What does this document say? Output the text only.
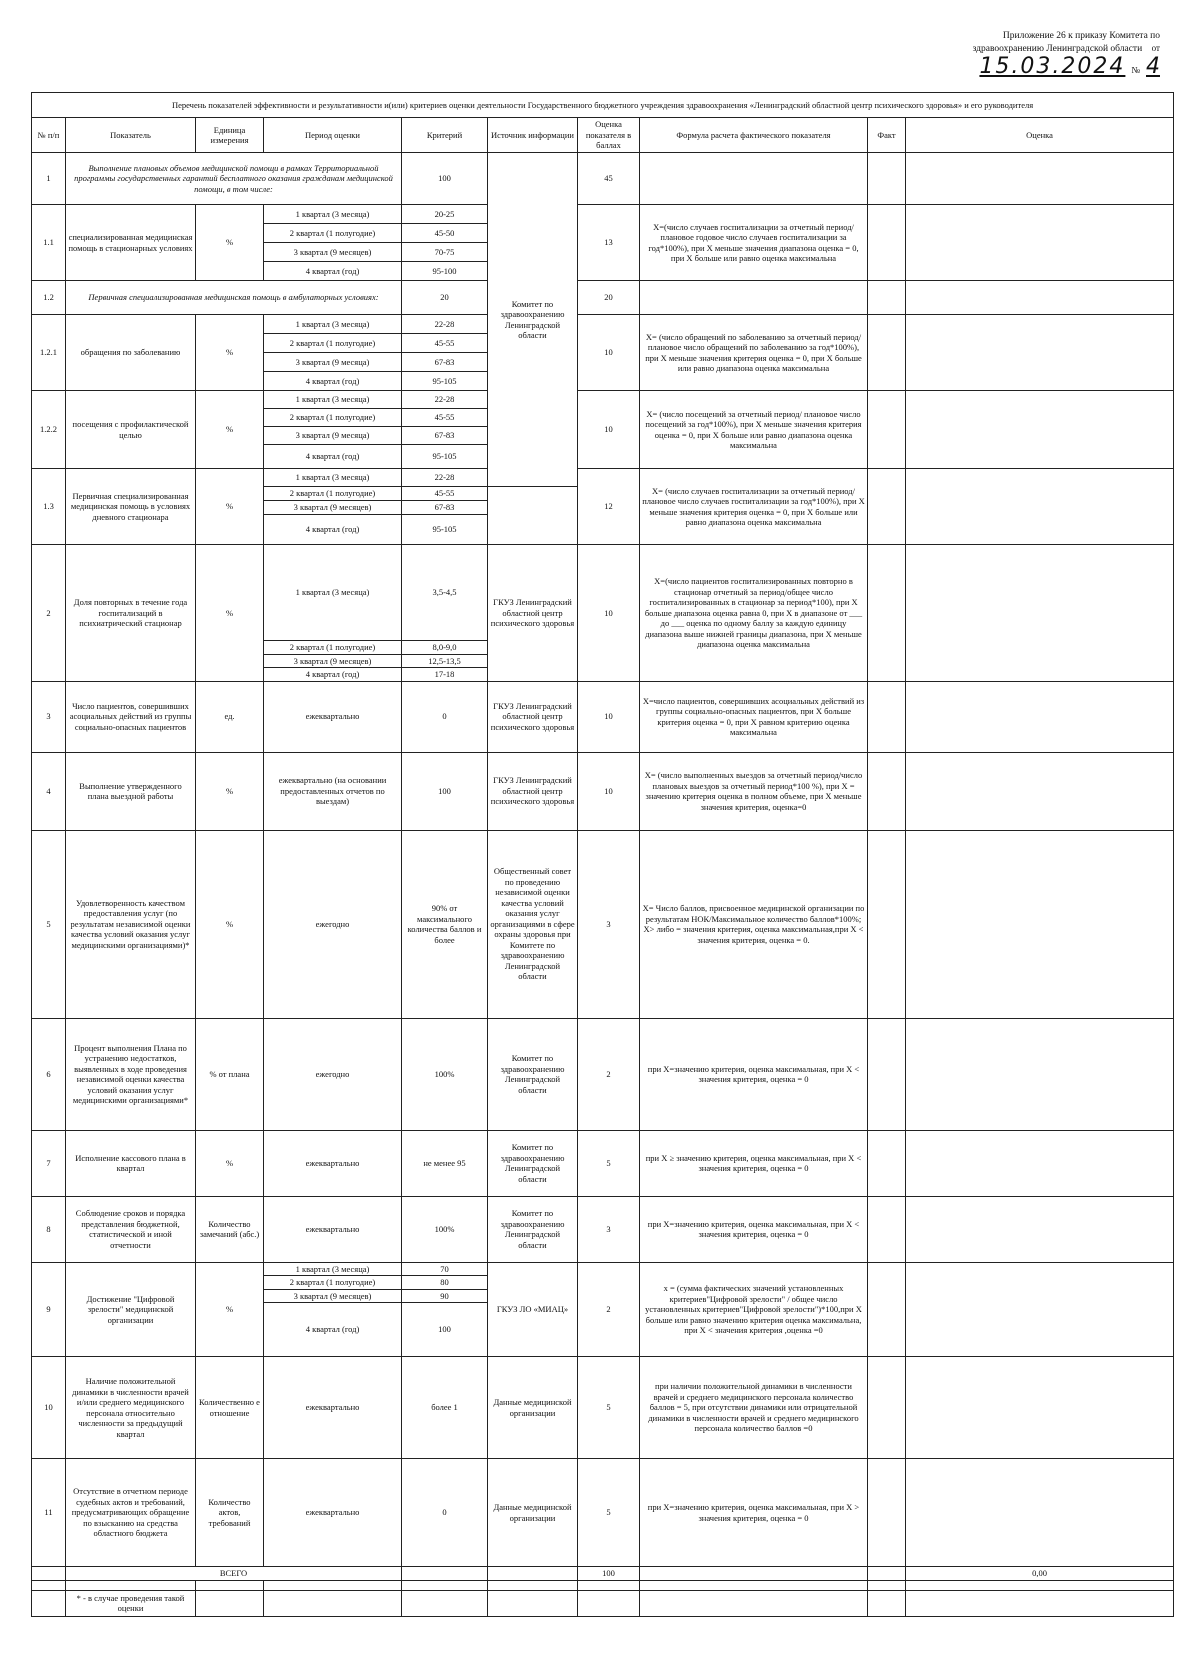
Приложение 26 к приказу Комитета по
здравоохранению Ленинградской области от
15.03.2024 № 4
Перечень показателей эффективности и результативности и(или) критериев оценки деятельности Государственного бюджетного учреждения здравоохранения «Ленинградский областной центр психического здоровья» и его руководителя									
№ п/п	Показатель	Единица измерения	Период оценки	Критерий	Источник информации	Оценка показателя в баллах	Формула расчета фактического показателя	Факт	Оценка
1	Выполнение плановых объемов медицинской помощи в рамках Территориальной программы государственных гарантий бесплатного оказания гражданам медицинской помощи, в том числе:			100	Комитет по здравоохранению Ленинградской области	45			
1.1	специализированная медицинская помощь в стационарных условиях	%	1 квартал (3 месяца)	20-25		13	X=(число случаев госпитализации за отчетный период/ плановое годовое число случаев госпитализации за год*100%), при X меньше значения диапазона оценка = 0, при X больше или равно оценка максимальна		
			2 квартал (1 полугодие)	45-50					
			3 квартал (9 месяцев)	70-75					
			4 квартал (год)	95-100					
1.2	Первичная специализированная медицинская помощь в амбулаторных условиях:			20		20			
1.2.1	обращения по заболеванию	%	1 квартал (3 месяца)	22-28		10	X= (число обращений по заболеванию за отчетный период/ плановое число обращений по заболеванию за год*100%), при X меньше значения критерия оценка = 0, при X больше или равно диапазона оценка максимальна		
			2 квартал (1 полугодие)	45-55					
			3 квартал (9 месяца)	67-83					
			4 квартал (год)	95-105					
1.2.2	посещения с профилактической целью	%	1 квартал (3 месяца)	22-28		10	X= (число посещений за отчетный период/ плановое число посещений за год*100%), при X меньше значения критерия оценка = 0, при X больше или равно диапазона оценка максимальна		
			2 квартал (1 полугодие)	45-55					
			3 квартал (9 месяца)	67-83					
			4 квартал (год)	95-105					
1.3	Первичная специализированная медицинская помощь в условиях дневного стационара	%	1 квартал (3 месяца)	22-28		12	X= (число случаев госпитализации за отчетный период/ плановое число случаев госпитализации за год*100%), при X меньше значения критерия оценка = 0, при X больше или равно диапазона оценка максимальна		
			2 квартал (1 полугодие)	45-55					
			3 квартал (9 месяцев)	67-83					
			4 квартал (год)	95-105					
2	Доля повторных в течение года госпитализаций в психиатрический стационар	%	1 квартал (3 месяца)	3,5-4,5	ГКУЗ Ленинградский областной центр психического здоровья	10	X=(число пациентов госпитализированных повторно в стационар отчетный за период/общее число госпитализированных в стационар за период*100), при X больше диапазона оценка равна 0, при X в диапазоне от ___ до ___ оценка по одному баллу за каждую единицу диапазона выше нижней границы диапазона, при X меньше диапазона оценка максимальна		
			2 квартал (1 полугодие)	8,0-9,0					
			3 квартал (9 месяцев)	12,5-13,5					
			4 квартал (год)	17-18					
3	Число пациентов, совершивших асоциальных действий из группы социально-опасных пациентов	ед.	ежеквартально	0	ГКУЗ Ленинградский областной центр психического здоровья	10	X=число пациентов, совершивших асоциальных действий из группы социально-опасных пациентов, при X больше критерия оценка = 0, при X равном критерию оценка максимальна		
4	Выполнение утвержденного плана выездной работы	%	ежеквартально (на основании предоставленных отчетов по выездам)	100	ГКУЗ Ленинградский областной центр психического здоровья	10	X= (число выполненных выездов за отчетный период/число плановых выездов за отчетный период*100 %), при X = значению критерия оценка в полном объеме, при X меньше значения критерия, оценка=0		
5	Удовлетворенность качеством предоставления услуг (по результатам независимой оценки качества условий оказания услуг медицинскими организациями)*	%	ежегодно	90% от максимального количества баллов и более	Общественный совет по проведению независимой оценки качества условий оказания услуг организациями в сфере охраны здоровья при Комитете по здравоохранению Ленинградской области	3	X= Число баллов, присвоенное медицинской организации по результатам НОК/Максимальное количество баллов*100%; X> либо = значения критерия, оценка максимальная,при X < значения критерия, оценка = 0.		
6	Процент выполнения Плана по устранению недостатков, выявленных в ходе проведения независимой оценки качества условий оказания услуг медицинскими организациями*	% от плана	ежегодно	100%	Комитет по здравоохранению Ленинградской области	2	при X=значению критерия, оценка максимальная, при X < значения критерия, оценка = 0		
7	Исполнение кассового плана в квартал	%	ежеквартально	не менее 95	Комитет по здравоохранению Ленинградской области	5	при X ≥ значению критерия, оценка максимальная, при X < значения критерия, оценка = 0		
8	Соблюдение сроков и порядка представления бюджетной, статистической и иной отчетности	Количество замечаний (абс.)	ежеквартально	100%	Комитет по здравоохранению Ленинградской области	3	при X=значению критерия, оценка максимальная, при X < значения критерия, оценка = 0		
9	Достижение "Цифровой зрелости" медицинской организации	%	1 квартал (3 месяца)	70	ГКУЗ ЛО «МИАЦ»	2	x = (сумма фактических значений установленных критериев"Цифровой зрелости" / общее число установленных критериев"Цифровой зрелости")*100,при X больше или равно значению критерия оценка максимальна, при X < значения критерия ,оценка =0		
			2 квартал (1 полугодие)	80					
			3 квартал (9 месяцев)	90					
			4 квартал (год)	100					
10	Наличие положительной динамики в численности врачей и/или среднего медицинского персонала относительно численности за предыдущий квартал	Количественно е отношение	ежеквартально	более 1	Данные медицинской организации	5	при наличии положительной динамики в численности врачей и среднего медицинского персонала количество баллов = 5, при отсутствии динамики или отрицательной динамики в численности врачей и среднего медицинского персонала количество баллов =0		
11	Отсутствие в отчетном периоде судебных актов и требований, предусматривающих обращение по взысканию на средства областного бюджета	Количество актов, требований	ежеквартально	0	Данные медицинской организации	5	при X=значению критерия, оценка максимальная, при X > значения критерия, оценка = 0		
	ВСЕГО					100			0,00

	* - в случае проведения такой оценки								
